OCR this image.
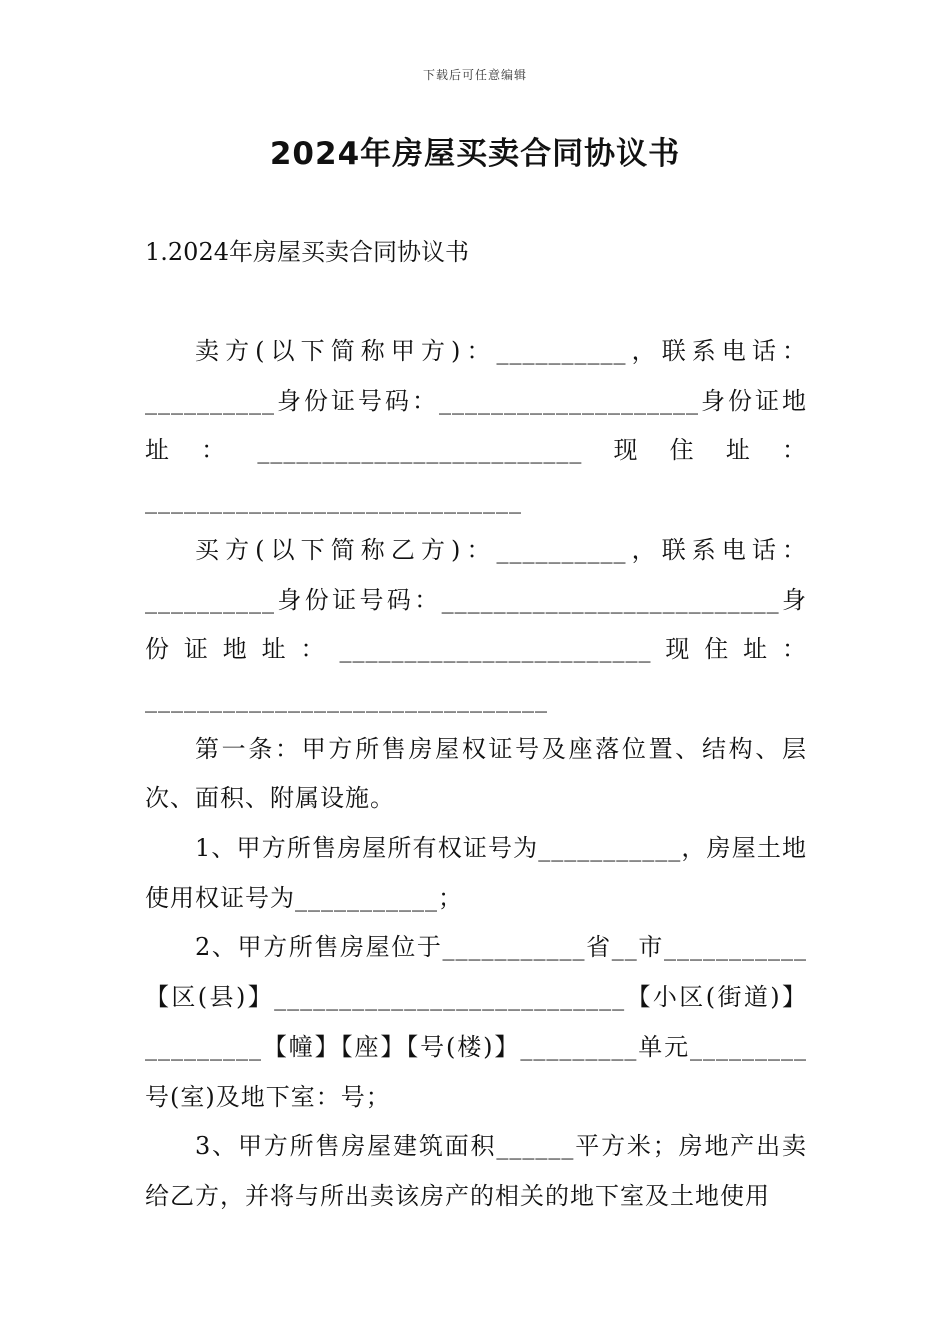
下载后可任意编辑
2024年房屋买卖合同协议书
1.2024年房屋买卖合同协议书

卖方(以下简称甲方)：__________，联系电话：__________身份证号码：____________________身份证地址：_________________________现住址：_____________________________

买方(以下简称乙方)：__________，联系电话：__________身份证号码：__________________________身份证地址：________________________现住址：_______________________________

第一条：甲方所售房屋权证号及座落位置、结构、层次、面积、附属设施。

1、甲方所售房屋所有权证号为___________，房屋土地使用权证号为___________；

2、甲方所售房屋位于___________省__市___________【区(县)】___________________________【小区(街道)】_________【幢】【座】【号(楼)】_________单元_________号(室)及地下室：号；

3、甲方所售房屋建筑面积______平方米；房地产出卖给乙方，并将与所出卖该房产的相关的地下室及土地使用
